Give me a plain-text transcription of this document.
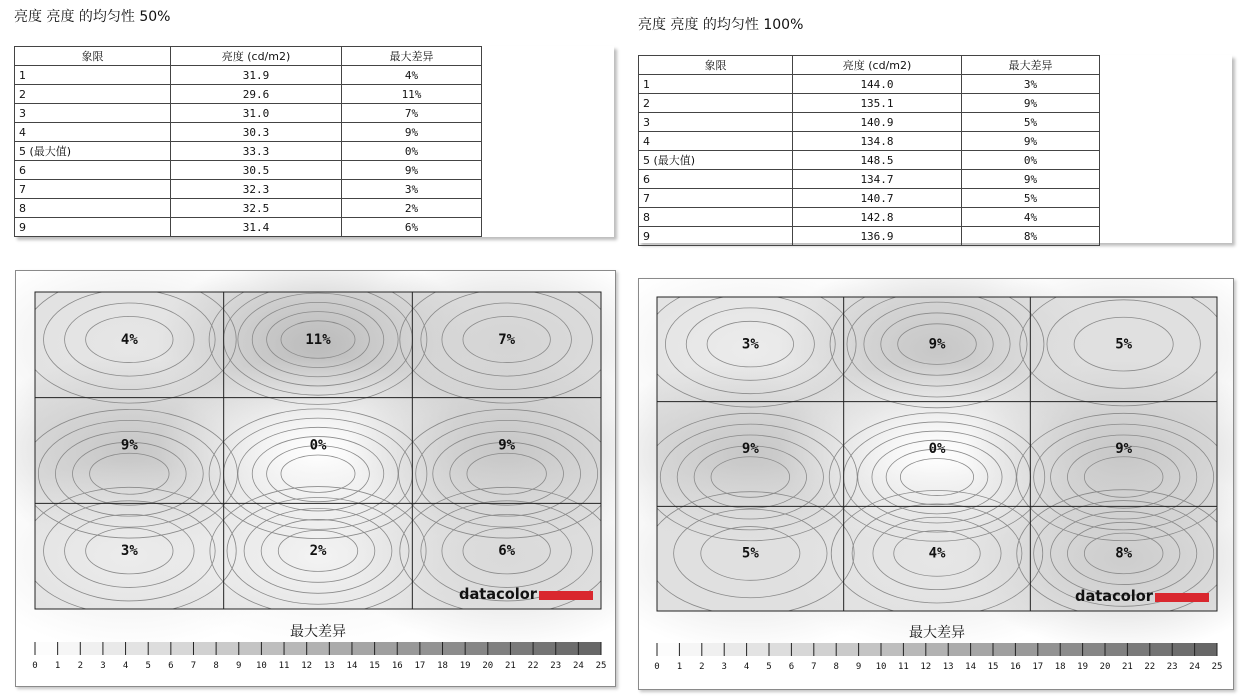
亮度 亮度 的均匀性 50%	亮度 亮度 的均匀性 100%
象限	亮度 (cd/m2)	最大差异
1	31.9	4%
2	29.6	11%
3	31.0	7%
4	30.3	9%
5 (最大值)	33.3	0%
6	30.5	9%
7	32.3	3%
8	32.5	2%
9	31.4	6%
象限	亮度 (cd/m2)	最大差异
1	144.0	3%
2	135.1	9%
3	140.9	5%
4	134.8	9%
5 (最大值)	148.5	0%
6	134.7	9%
7	140.7	5%
8	142.8	4%
9	136.9	8%
4%	11%	7%
9%	0%	9%
3%	2%	6%
datacolor
最大差异
0 1 2 3 4 5 6 7 8 9 10 11 12 13 14 15 16 17 18 19 20 21 22 23 24 25
3%	9%	5%
9%	0%	9%
5%	4%	8%
datacolor
最大差异
0 1 2 3 4 5 6 7 8 9 10 11 12 13 14 15 16 17 18 19 20 21 22 23 24 25
